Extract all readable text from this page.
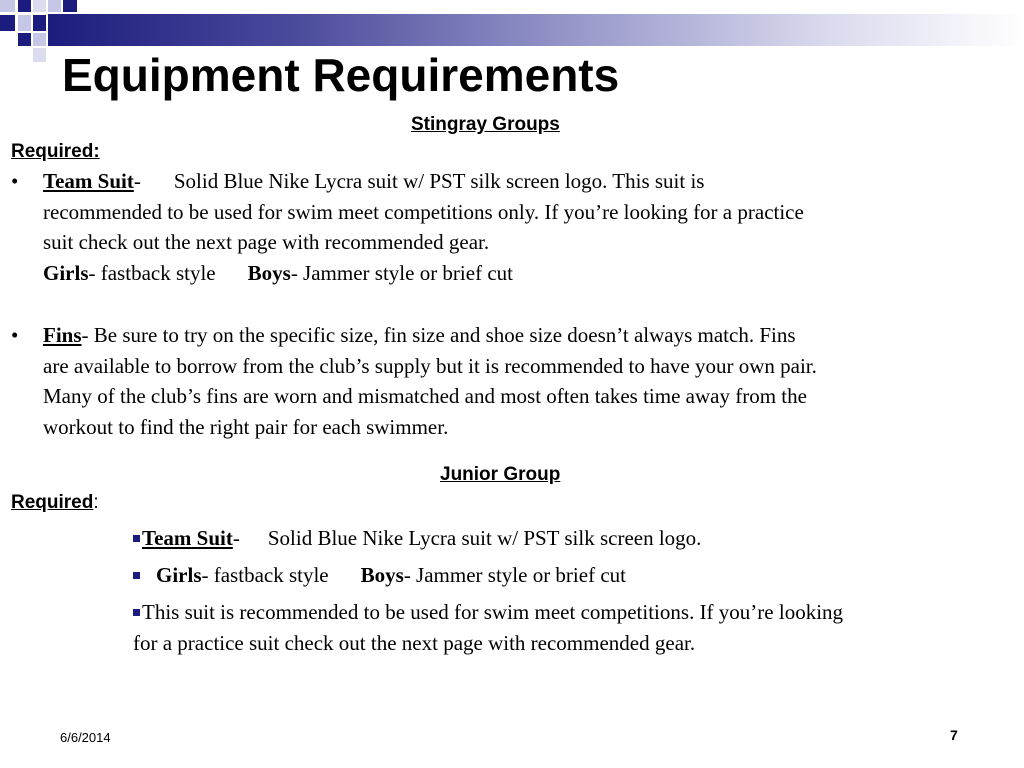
Equipment Requirements
Stingray Groups
Required:
• Team Suit- Solid Blue Nike Lycra suit w/ PST silk screen logo. This suit is
recommended to be used for swim meet competitions only. If you’re looking for a practice
suit check out the next page with recommended gear.
Girls- fastback style Boys- Jammer style or brief cut
• Fins- Be sure to try on the specific size, fin size and shoe size doesn’t always match. Fins
are available to borrow from the club’s supply but it is recommended to have your own pair.
Many of the club’s fins are worn and mismatched and most often takes time away from the
workout to find the right pair for each swimmer.
Junior Group
Required:
Team Suit- Solid Blue Nike Lycra suit w/ PST silk screen logo.
Girls- fastback style Boys- Jammer style or brief cut
This suit is recommended to be used for swim meet competitions. If you’re looking
for a practice suit check out the next page with recommended gear.
6/6/2014	7
